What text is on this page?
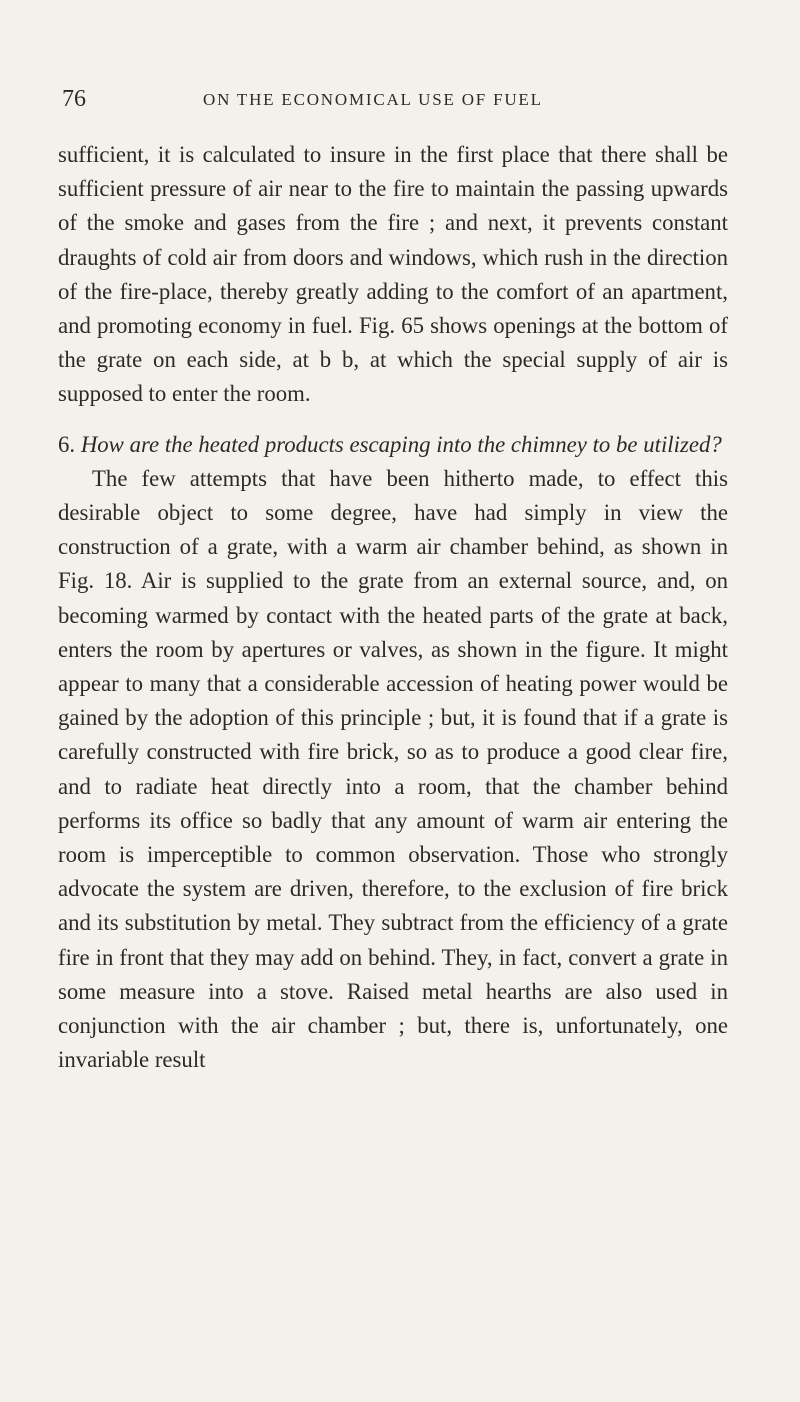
76	ON THE ECONOMICAL USE OF FUEL

sufficient, it is calculated to insure in the first place that there shall be sufficient pressure of air near to the fire to maintain the passing upwards of the smoke and gases from the fire ; and next, it prevents constant draughts of cold air from doors and windows, which rush in the direction of the fire-place, thereby greatly adding to the comfort of an apartment, and promoting economy in fuel. Fig. 65 shows openings at the bottom of the grate on each side, at b b, at which the special supply of air is supposed to enter the room.

6. How are the heated products escaping into the chimney to be utilized?

The few attempts that have been hitherto made, to effect this desirable object to some degree, have had simply in view the construction of a grate, with a warm air chamber behind, as shown in Fig. 18. Air is supplied to the grate from an external source, and, on becoming warmed by contact with the heated parts of the grate at back, enters the room by apertures or valves, as shown in the figure. It might appear to many that a considerable accession of heating power would be gained by the adoption of this principle ; but, it is found that if a grate is carefully constructed with fire brick, so as to produce a good clear fire, and to radiate heat directly into a room, that the chamber behind performs its office so badly that any amount of warm air entering the room is imperceptible to common observation. Those who strongly advocate the system are driven, therefore, to the exclusion of fire brick and its substitution by metal. They subtract from the efficiency of a grate fire in front that they may add on behind. They, in fact, convert a grate in some measure into a stove. Raised metal hearths are also used in conjunction with the air chamber ; but, there is, unfortunately, one invariable result
